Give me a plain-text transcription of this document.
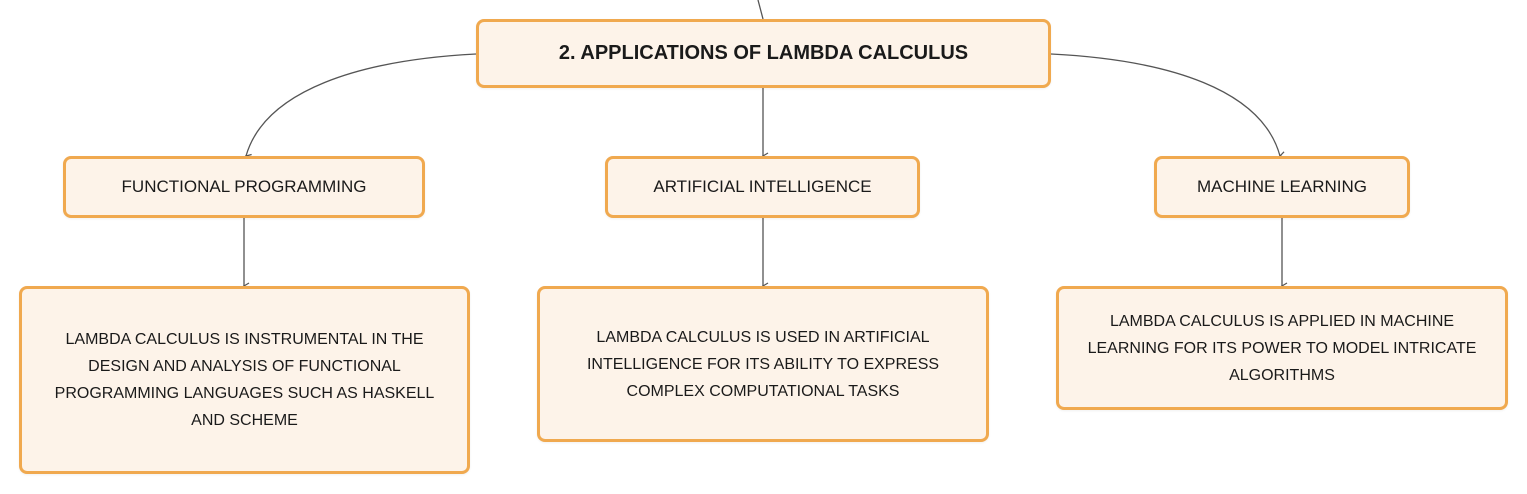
2. APPLICATIONS OF LAMBDA CALCULUS
FUNCTIONAL PROGRAMMING	ARTIFICIAL INTELLIGENCE	MACHINE LEARNING
LAMBDA CALCULUS IS INSTRUMENTAL IN THE DESIGN AND ANALYSIS OF FUNCTIONAL PROGRAMMING LANGUAGES SUCH AS HASKELL AND SCHEME
LAMBDA CALCULUS IS USED IN ARTIFICIAL INTELLIGENCE FOR ITS ABILITY TO EXPRESS COMPLEX COMPUTATIONAL TASKS
LAMBDA CALCULUS IS APPLIED IN MACHINE LEARNING FOR ITS POWER TO MODEL INTRICATE ALGORITHMS
